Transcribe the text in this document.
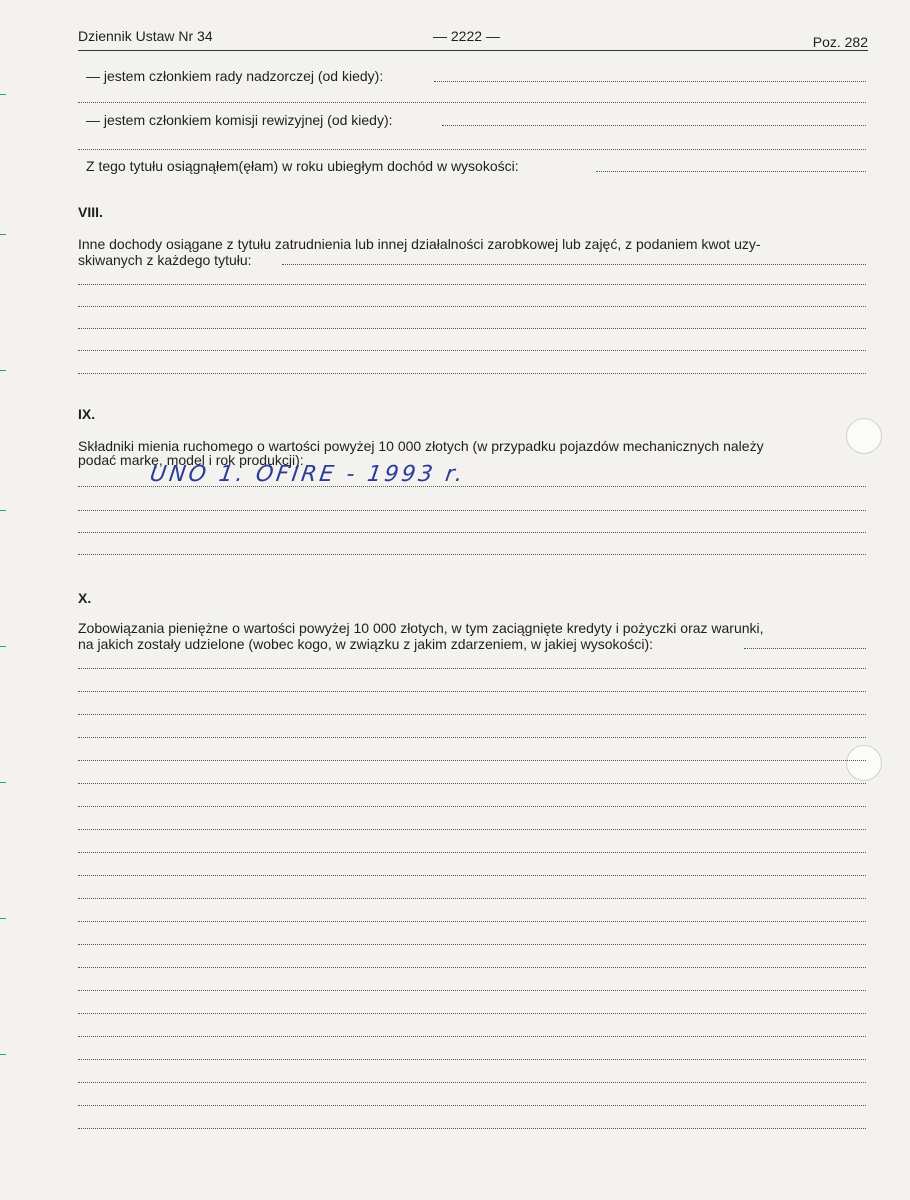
Dziennik Ustaw Nr 34	— 2222 —	Poz. 282
— jestem członkiem rady nadzorczej (od kiedy):
— jestem członkiem komisji rewizyjnej (od kiedy):
Z tego tytułu osiągnąłem(ęłam) w roku ubiegłym dochód w wysokości:
VIII.
Inne dochody osiągane z tytułu zatrudnienia lub innej działalności zarobkowej lub zajęć, z podaniem kwot uzy-
skiwanych z każdego tytułu:
IX.
Składniki mienia ruchomego o wartości powyżej 10 000 złotych (w przypadku pojazdów mechanicznych należy
podać markę, model i rok produkcji):
UNO 1. OFIRE - 1993 r.
X.
Zobowiązania pieniężne o wartości powyżej 10 000 złotych, w tym zaciągnięte kredyty i pożyczki oraz warunki,
na jakich zostały udzielone (wobec kogo, w związku z jakim zdarzeniem, w jakiej wysokości):
